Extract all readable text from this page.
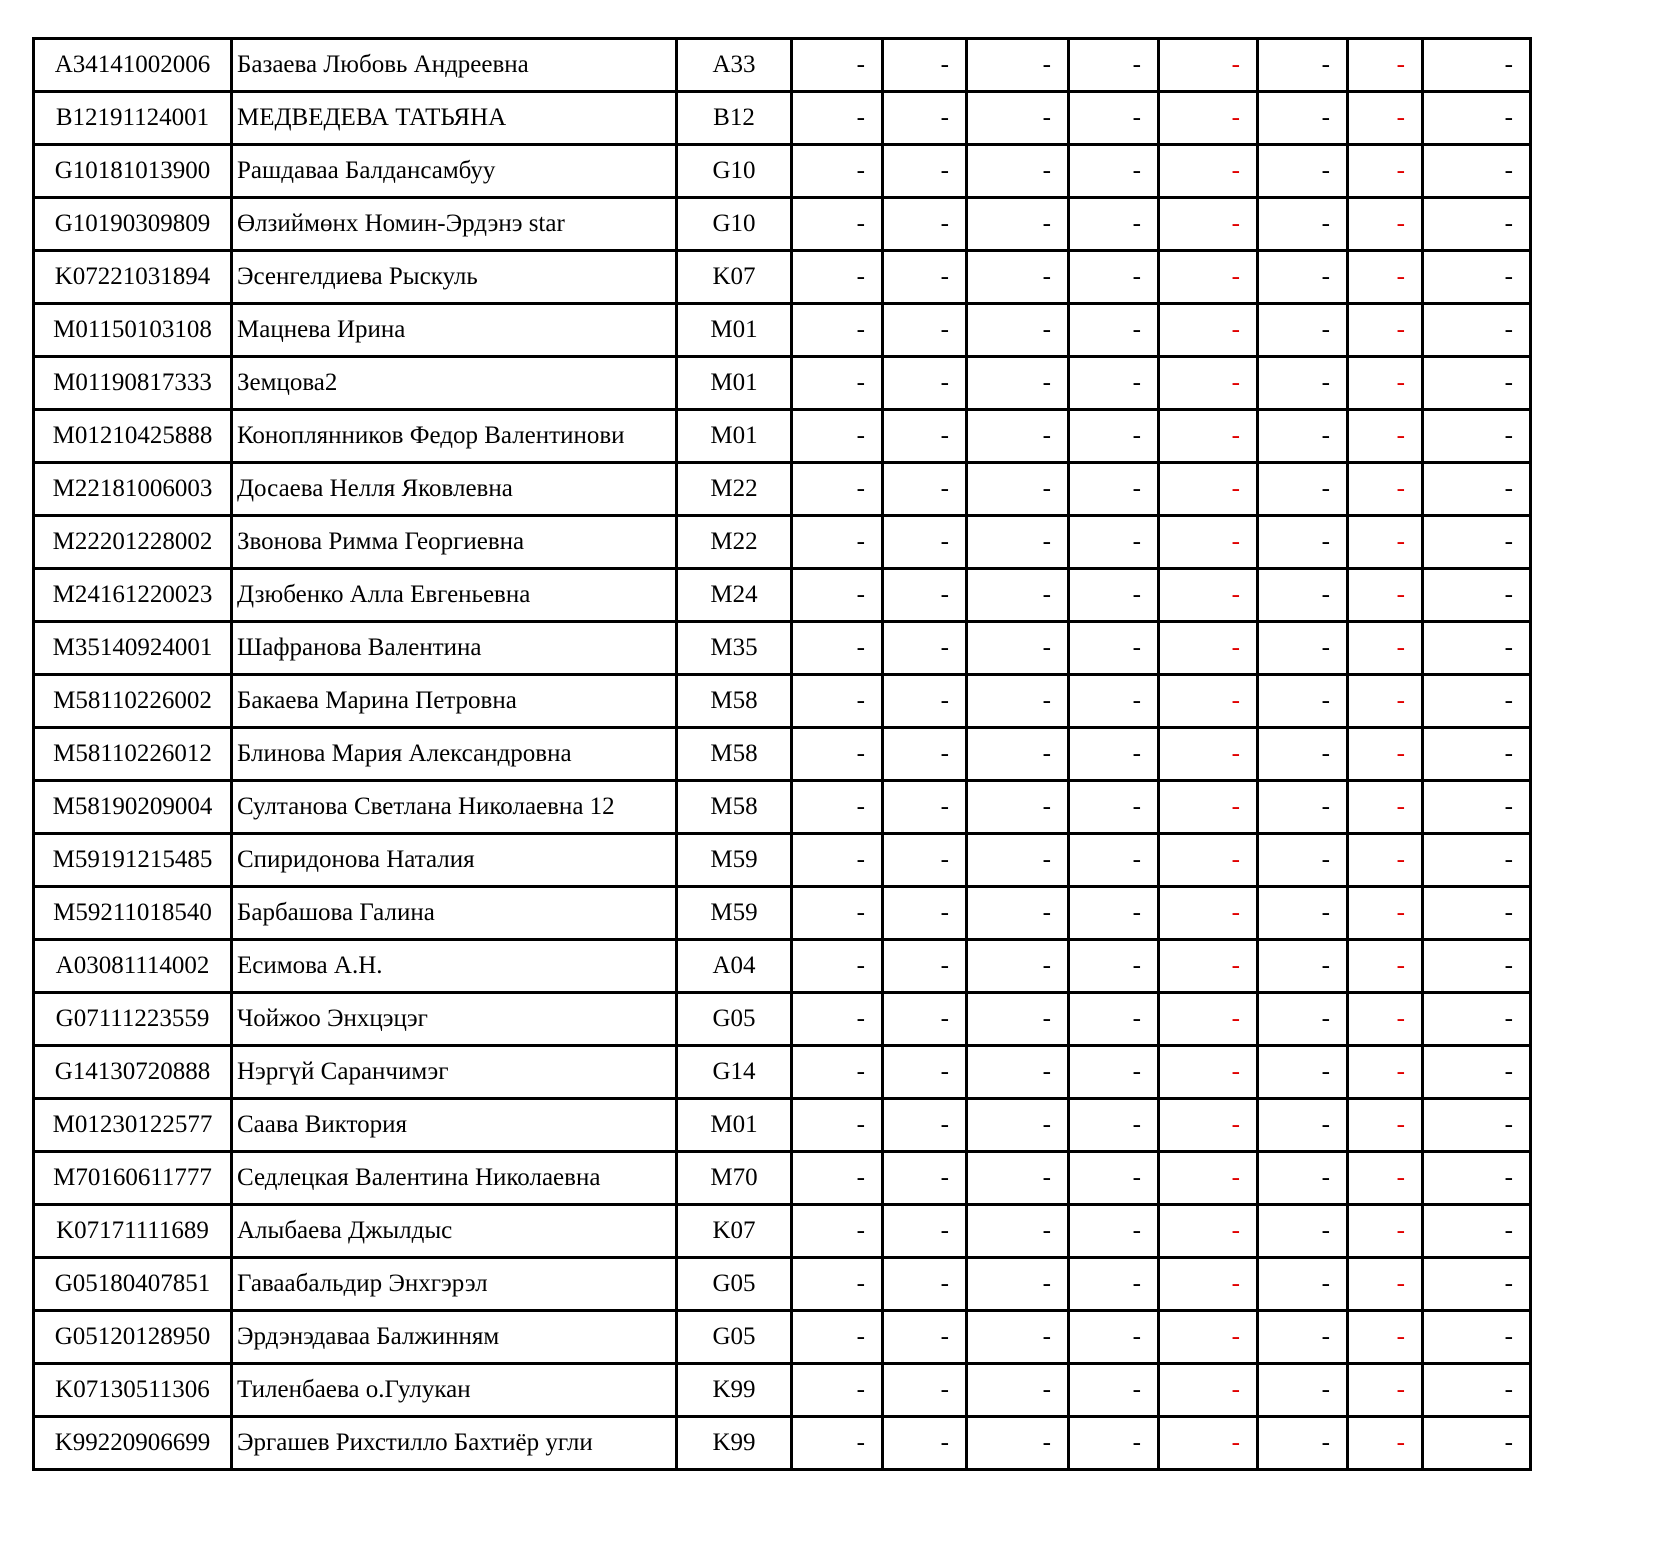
A34141002006	Базаева Любовь Андреевна	A33	-	-	-	-	-	-	-	-
B12191124001	МЕДВЕДЕВА ТАТЬЯНА	B12	-	-	-	-	-	-	-	-
G10181013900	Рашдаваа Балдансамбуу	G10	-	-	-	-	-	-	-	-
G10190309809	Өлзиймөнх Номин-Эрдэнэ star	G10	-	-	-	-	-	-	-	-
K07221031894	Эсенгелдиева Рыскуль	K07	-	-	-	-	-	-	-	-
M01150103108	Мацнева Ирина	M01	-	-	-	-	-	-	-	-
M01190817333	Земцова2	M01	-	-	-	-	-	-	-	-
M01210425888	Коноплянников Федор Валентинови	M01	-	-	-	-	-	-	-	-
M22181006003	Досаева Нелля Яковлевна	M22	-	-	-	-	-	-	-	-
M22201228002	Звонова Римма Георгиевна	M22	-	-	-	-	-	-	-	-
M24161220023	Дзюбенко Алла Евгеньевна	M24	-	-	-	-	-	-	-	-
M35140924001	Шафранова Валентина	M35	-	-	-	-	-	-	-	-
M58110226002	Бакаева Марина Петровна	M58	-	-	-	-	-	-	-	-
M58110226012	Блинова Мария Александровна	M58	-	-	-	-	-	-	-	-
M58190209004	Султанова Светлана Николаевна 12	M58	-	-	-	-	-	-	-	-
M59191215485	Спиридонова Наталия	M59	-	-	-	-	-	-	-	-
M59211018540	Барбашова Галина	M59	-	-	-	-	-	-	-	-
A03081114002	Есимова А.Н.	A04	-	-	-	-	-	-	-	-
G07111223559	Чойжоо Энхцэцэг	G05	-	-	-	-	-	-	-	-
G14130720888	Нэргүй Саранчимэг	G14	-	-	-	-	-	-	-	-
M01230122577	Саава Виктория	M01	-	-	-	-	-	-	-	-
M70160611777	Седлецкая Валентина Николаевна	M70	-	-	-	-	-	-	-	-
K07171111689	Алыбаева Джылдыс	K07	-	-	-	-	-	-	-	-
G05180407851	Гаваабальдир Энхгэрэл	G05	-	-	-	-	-	-	-	-
G05120128950	Эрдэнэдаваа Балжинням	G05	-	-	-	-	-	-	-	-
K07130511306	Тиленбаева о.Гулукан	K99	-	-	-	-	-	-	-	-
K99220906699	Эргашев Рихстилло Бахтиёр угли	K99	-	-	-	-	-	-	-	-
